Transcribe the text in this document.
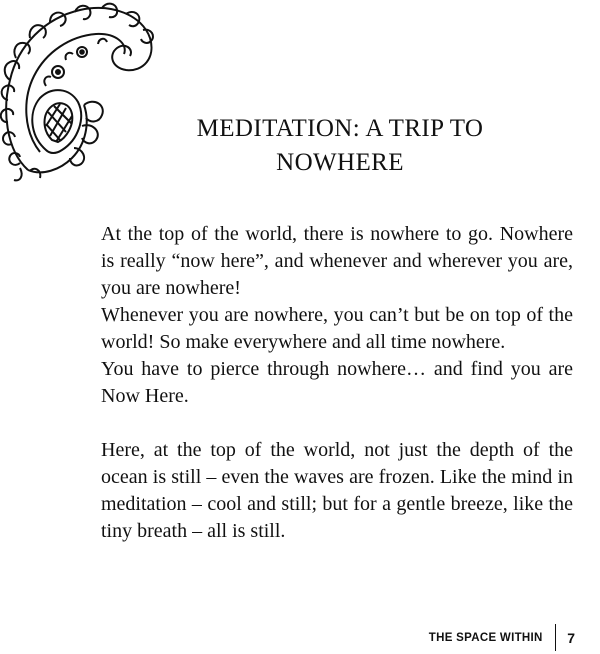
MEDITATION: A TRIP TO
NOWHERE

At the top of the world, there is nowhere to go. Nowhere is really “now here”, and whenever and wherever you are, you are nowhere!

Whenever you are nowhere, you can’t but be on top of the world! So make everywhere and all time nowhere.

You have to pierce through nowhere… and find you are Now Here.

Here, at the top of the world, not just the depth of the ocean is still – even the waves are frozen. Like the mind in meditation – cool and still; but for a gentle breeze, like the tiny breath – all is still.

THE SPACE WITHIN 7
